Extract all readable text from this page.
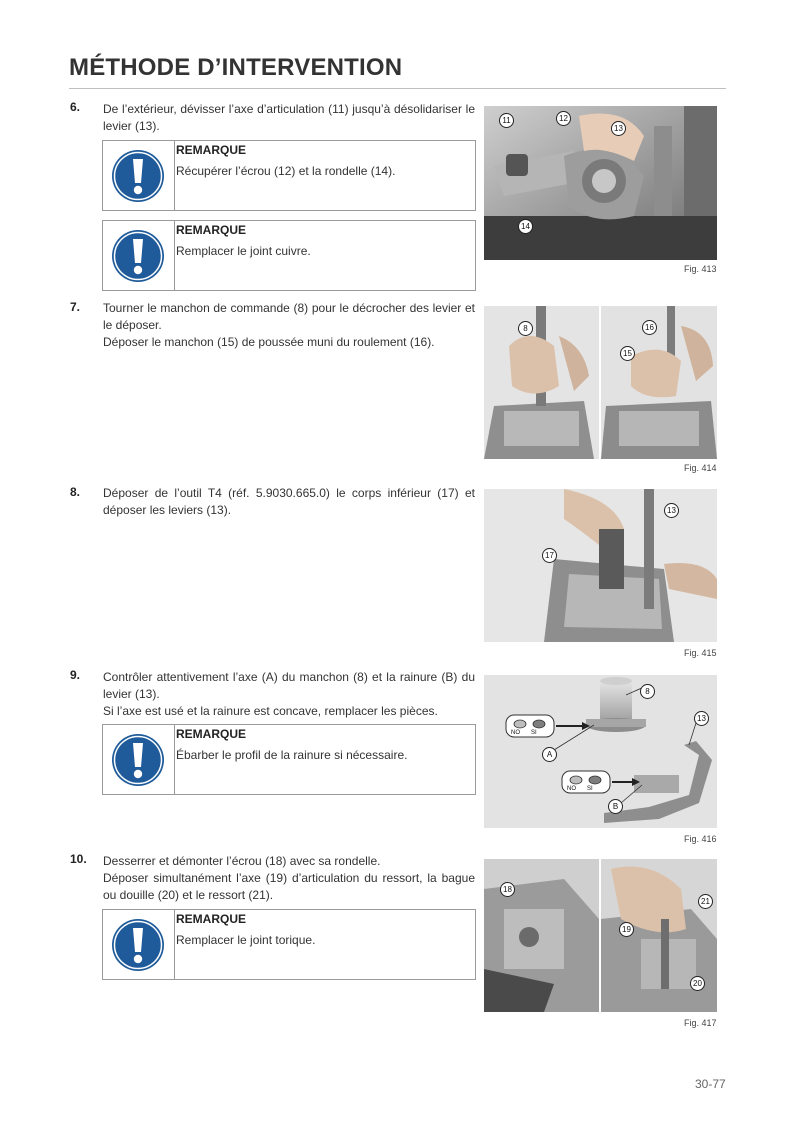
MÉTHODE D’INTERVENTION
6. De l’extérieur, dévisser l’axe d’articulation (11) jusqu’à désolidariser le levier (13).

REMARQUE
Récupérer l’écrou (12) et la rondelle (14).
REMARQUE
Remplacer le joint cuivre.
11	12
13
14
Fig. 413
7. Tourner le manchon de commande (8) pour le décrocher des levier et le déposer.

Déposer le manchon (15) de poussée muni du roulement (16).

8	16
15
Fig. 414
8. Déposer de l’outil T4 (réf. 5.9030.665.0) le corps inférieur (17) et déposer les leviers (13).	13
17
Fig. 415
9. Contrôler attentivement l’axe (A) du manchon (8) et la rainure (B) du levier (13).

Si l’axe est usé et la rainure est concave, remplacer les pièces.

REMARQUE
Ébarber le profil de la rainure si nécessaire.
8
13
A
B
NO SI
NO SI
Fig. 416
10. Desserrer et démonter l’écrou (18) avec sa rondelle.

Déposer simultanément l’axe (19) d’articulation du ressort, la bague ou douille (20) et le ressort (21).

REMARQUE
Remplacer le joint torique.
18
21
19
20
Fig. 417
30-77
